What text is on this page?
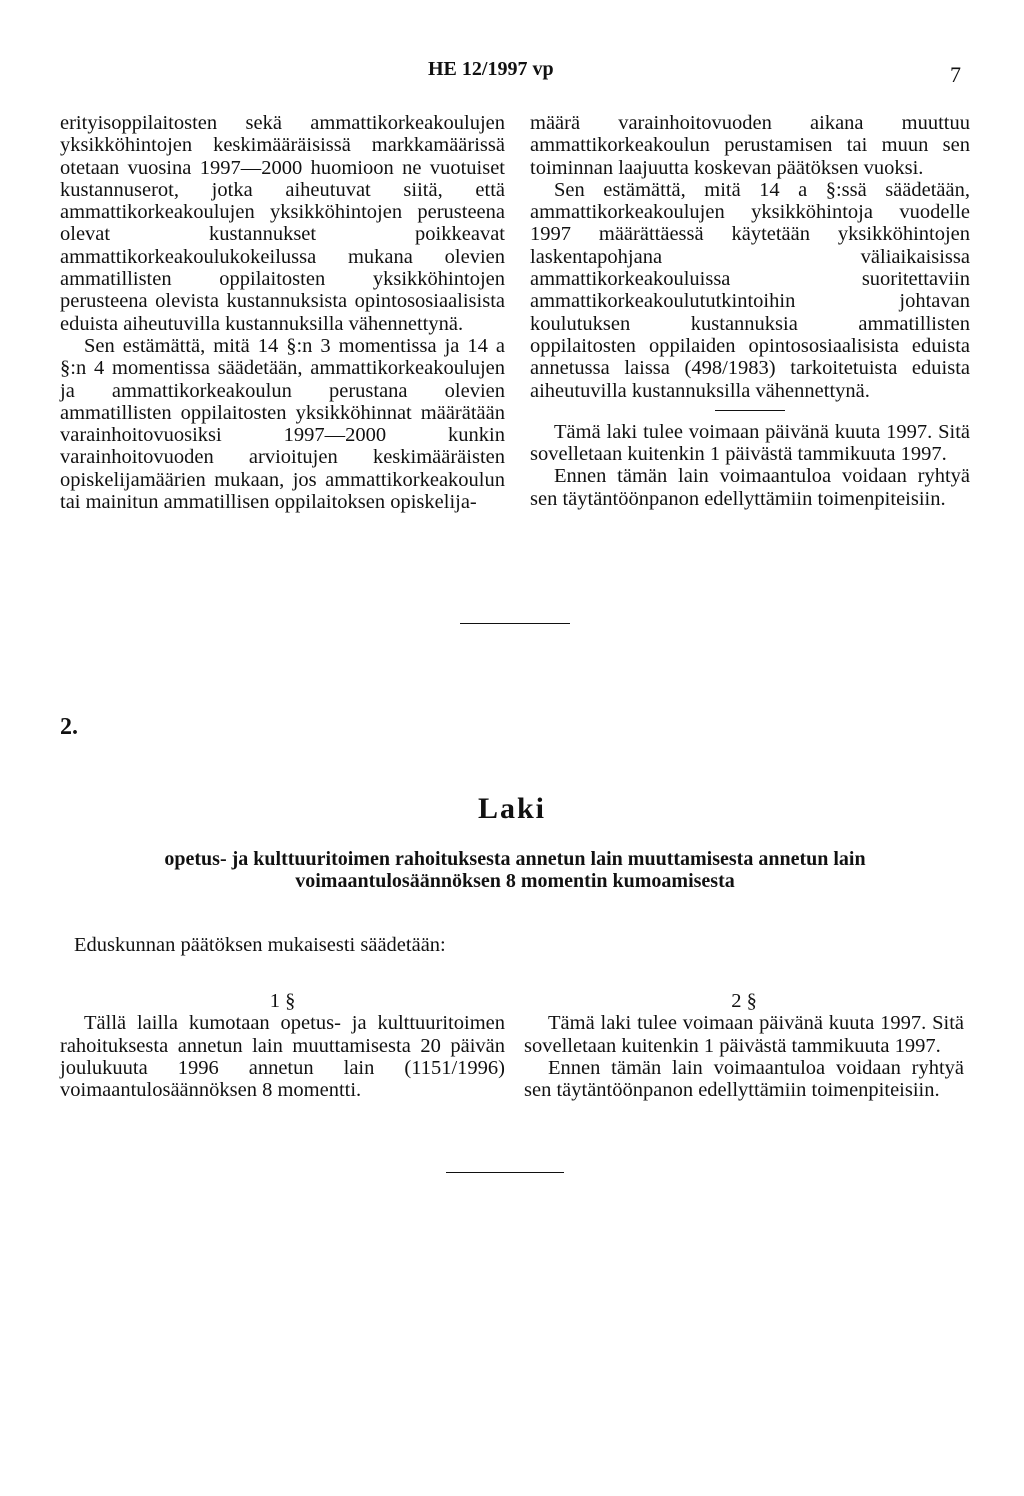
HE 12/1997 vp	7

erityisoppilaitosten sekä ammattikorkeakoulujen yksikköhintojen keskimääräisissä markkamäärissä otetaan vuosina 1997—2000 huomioon ne vuotuiset kustannuserot, jotka aiheutuvat siitä, että ammattikorkeakoulujen yksikköhintojen perusteena olevat kustannukset poikkeavat ammattikorkeakoulukokeilussa mukana olevien ammatillisten oppilaitosten yksikköhintojen perusteena olevista kustannuksista opintososiaalisista eduista aiheutuvilla kustannuksilla vähennettynä.

Sen estämättä, mitä 14 §:n 3 momentissa ja 14 a §:n 4 momentissa säädetään, ammattikorkeakoulujen ja ammattikorkeakoulun perustana olevien ammatillisten oppilaitosten yksikköhinnat määrätään varainhoitovuosiksi 1997—2000 kunkin varainhoitovuoden arvioitujen keskimääräisten opiskelijamäärien mukaan, jos ammattikorkeakoulun tai mainitun ammatillisen oppilaitoksen opiskelija-

määrä varainhoitovuoden aikana muuttuu ammattikorkeakoulun perustamisen tai muun sen toiminnan laajuutta koskevan päätöksen vuoksi.

Sen estämättä, mitä 14 a §:ssä säädetään, ammattikorkeakoulujen yksikköhintoja vuodelle 1997 määrättäessä käytetään yksikköhintojen laskentapohjana väliaikaisissa ammattikorkeakouluissa suoritettaviin ammattikorkeakoulututkintoihin johtavan koulutuksen kustannuksia ammatillisten oppilaitosten oppilaiden opintososiaalisista eduista annetussa laissa (498/1983) tarkoitetuista eduista aiheutuvilla kustannuksilla vähennettynä.

Tämä laki tulee voimaan päivänä kuuta 1997. Sitä sovelletaan kuitenkin 1 päivästä tammikuuta 1997.

Ennen tämän lain voimaantuloa voidaan ryhtyä sen täytäntöönpanon edellyttämiin toimenpiteisiin.

2.
Laki
opetus- ja kulttuuritoimen rahoituksesta annetun lain muuttamisesta annetun lain
voimaantulosäännöksen 8 momentin kumoamisesta
Eduskunnan päätöksen mukaisesti säädetään:
1 §

Tällä lailla kumotaan opetus- ja kulttuuritoimen rahoituksesta annetun lain muuttamisesta 20 päivän joulukuuta 1996 annetun lain (1151/1996) voimaantulosäännöksen 8 momentti.

2 §

Tämä laki tulee voimaan päivänä kuuta 1997. Sitä sovelletaan kuitenkin 1 päivästä tammikuuta 1997.

Ennen tämän lain voimaantuloa voidaan ryhtyä sen täytäntöönpanon edellyttämiin toimenpiteisiin.
